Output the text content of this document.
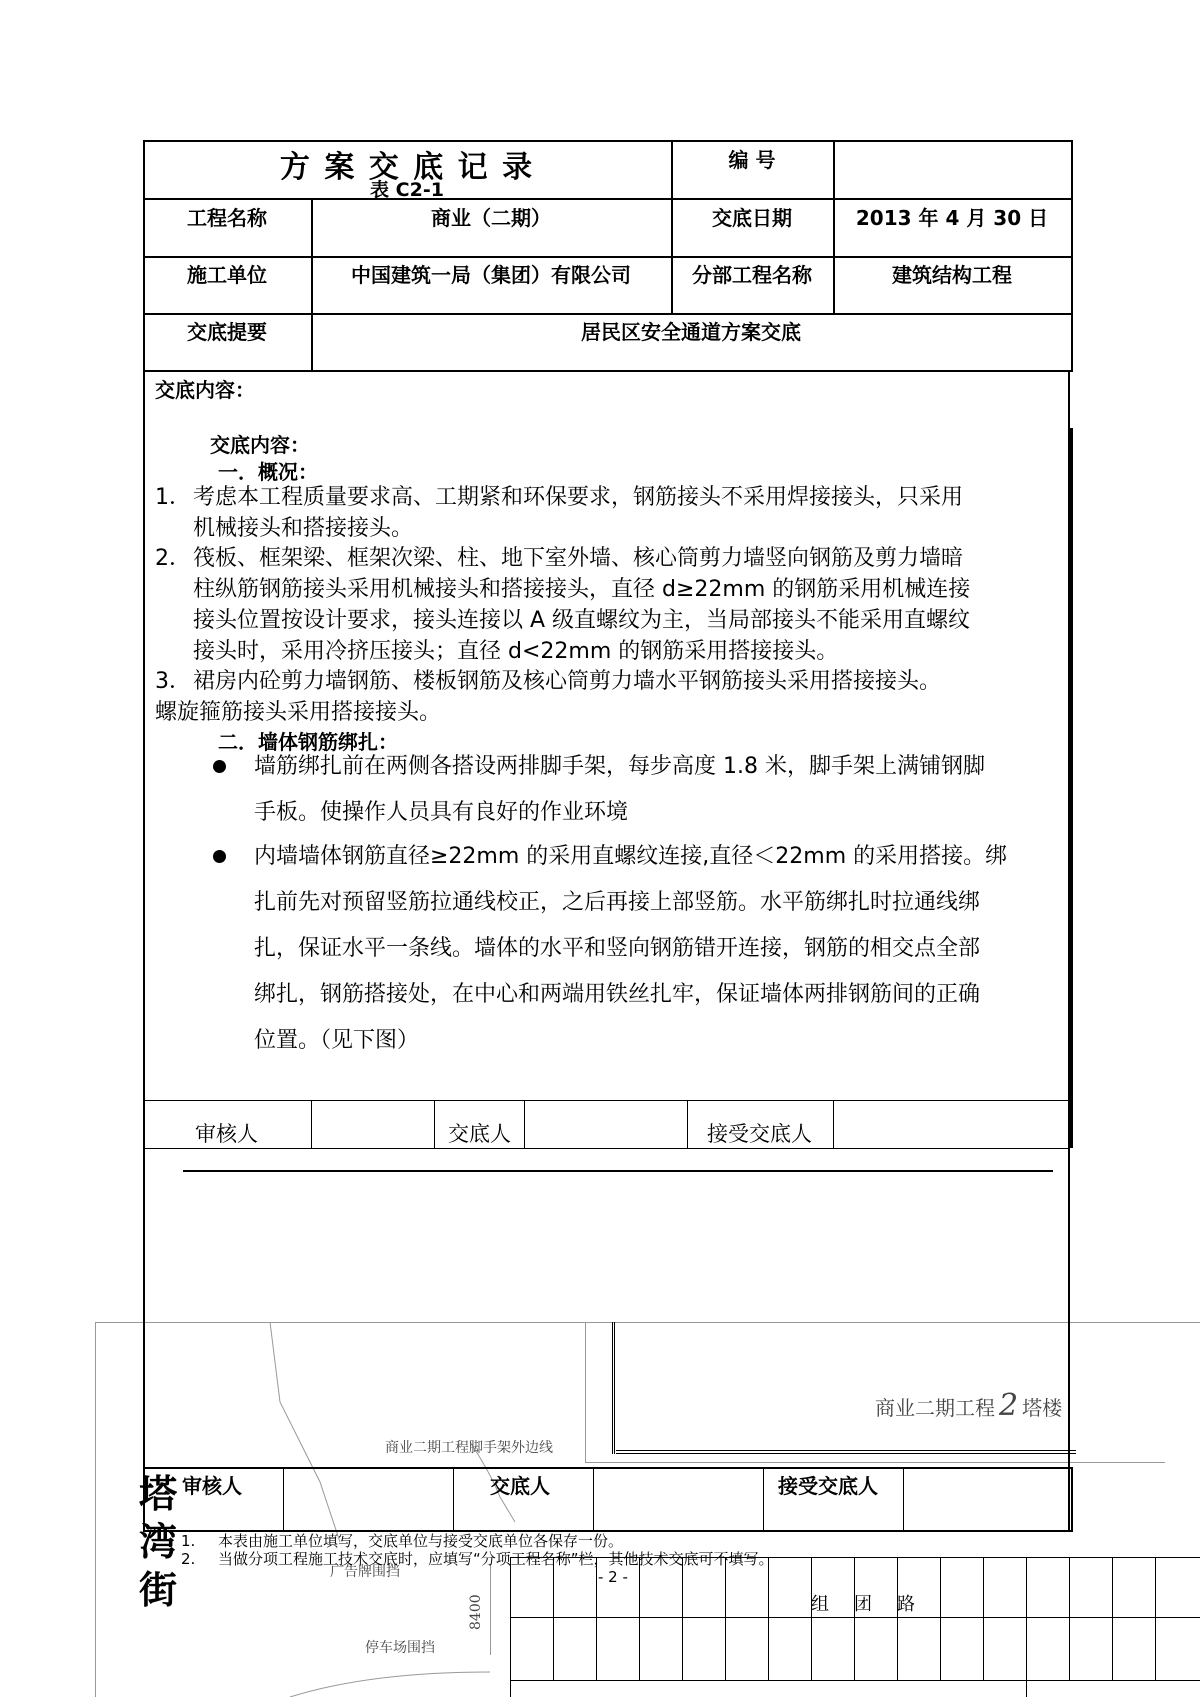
商业二期工程 2 塔楼
商业二期工程脚手架外边线
广告牌围挡
停车场围挡
8400
塔湾街	组 团 路
方 案 交 底 记 录
表 C2-1
编 号
工程名称	商业（二期）	交底日期	2013 年 4 月 30 日
施工单位	中国建筑一局（集团）有限公司	分部工程名称	建筑结构工程
交底提要	居民区安全通道方案交底
交底内容：
交底内容：
一．概况：
1． 考虑本工程质量要求高、工期紧和环保要求，钢筋接头不采用焊接接头，只采用
机械接头和搭接接头。
2． 筏板、框架梁、框架次梁、柱、地下室外墙、核心筒剪力墙竖向钢筋及剪力墙暗
柱纵筋钢筋接头采用机械接头和搭接接头，直径 d≥22mm 的钢筋采用机械连接
接头位置按设计要求，接头连接以 A 级直螺纹为主，当局部接头不能采用直螺纹
接头时，采用冷挤压接头；直径 d<22mm 的钢筋采用搭接接头。
3． 裙房内砼剪力墙钢筋、楼板钢筋及核心筒剪力墙水平钢筋接头采用搭接接头。
螺旋箍筋接头采用搭接接头。
二．墙体钢筋绑扎：
墙筋绑扎前在两侧各搭设两排脚手架，每步高度 1.8 米，脚手架上满铺钢脚
手板。使操作人员具有良好的作业环境
内墙墙体钢筋直径≥22mm 的采用直螺纹连接,直径＜22mm 的采用搭接。绑
扎前先对预留竖筋拉通线校正，之后再接上部竖筋。水平筋绑扎时拉通线绑
扎，保证水平一条线。墙体的水平和竖向钢筋错开连接，钢筋的相交点全部
绑扎，钢筋搭接处，在中心和两端用铁丝扎牢，保证墙体两排钢筋间的正确
位置。（见下图）
审核人	交底人	接受交底人
审核人	交底人	接受交底人
1. 本表由施工单位填写，交底单位与接受交底单位各保存一份。
2. 当做分项工程施工技术交底时，应填写“分项工程名称”栏，其他技术交底可不填写。
- 2 -
